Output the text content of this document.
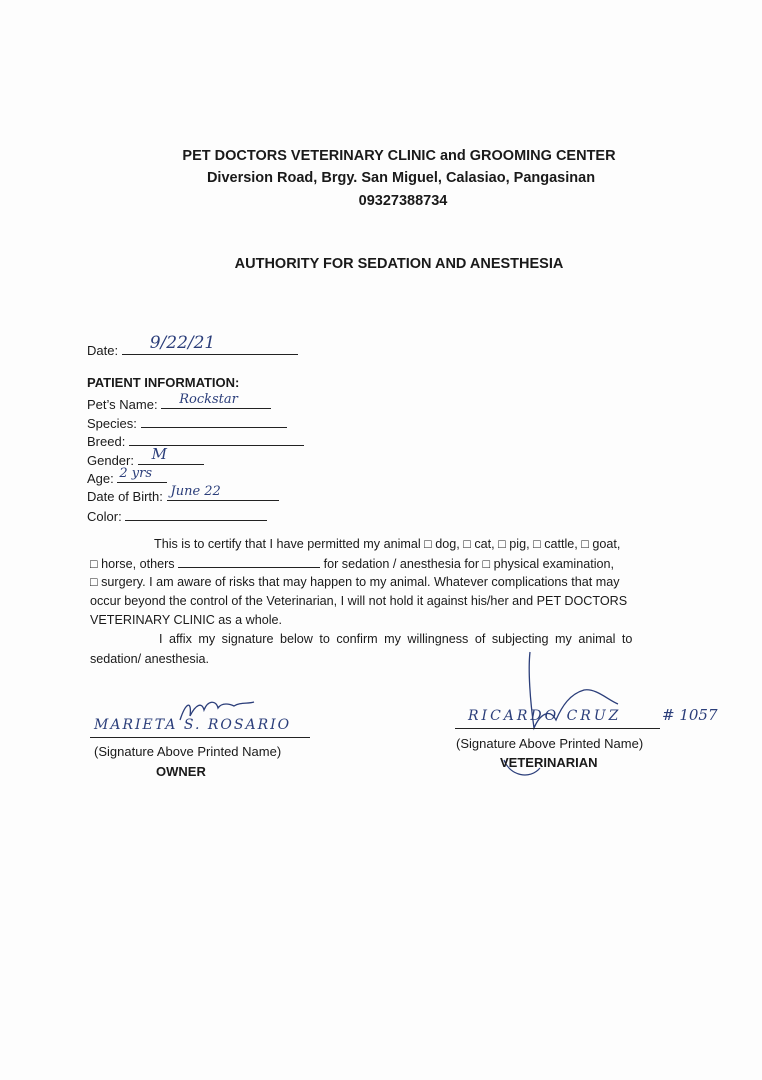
PET DOCTORS VETERINARY CLINIC and GROOMING CENTER
Diversion Road, Brgy. San Miguel, Calasiao, Pangasinan
09327388734
AUTHORITY FOR SEDATION AND ANESTHESIA
Date: 9/22/21
PATIENT INFORMATION:
Pet’s Name: Rockstar
Species:
Breed:
Gender: M
Age: 2 yrs
Date of Birth: June 22
Color:
This is to certify that I have permitted my animal □ dog, □ cat, □ pig, □ cattle, □ goat,
□ horse, others	for sedation / anesthesia for □ physical examination,
□ surgery. I am aware of risks that may happen to my animal. Whatever complications that may
occur beyond the control of the Veterinarian, I will not hold it against his/her and PET DOCTORS
VETERINARY CLINIC as a whole.
I affix my signature below to confirm my willingness of subjecting my animal to
sedation/ anesthesia.
MARIETA S. ROSARIO
(Signature Above Printed Name)
OWNER
RICARDO CRUZ	# 1057
(Signature Above Printed Name)
VETERINARIAN
